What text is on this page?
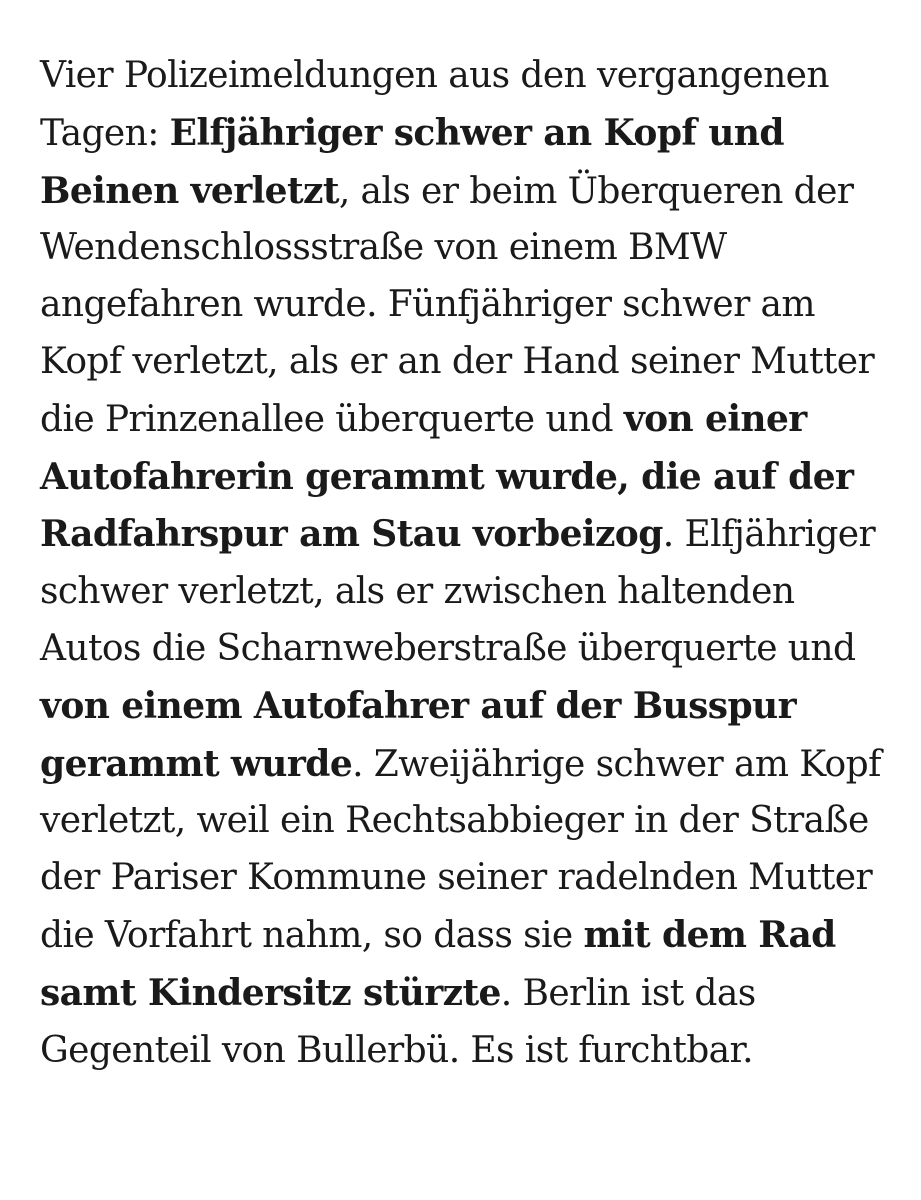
Vier Polizeimeldungen aus den vergangenen Tagen: Elfjähriger schwer an Kopf und Beinen verletzt, als er beim Überqueren der Wendenschlossstraße von einem BMW angefahren wurde. Fünfjähriger schwer am Kopf verletzt, als er an der Hand seiner Mutter die Prinzenallee überquerte und von einer Autofahrerin gerammt wurde, die auf der Radfahrspur am Stau vorbeizog. Elfjähriger schwer verletzt, als er zwischen haltenden Autos die Scharnweberstraße überquerte und von einem Autofahrer auf der Busspur gerammt wurde. Zweijährige schwer am Kopf verletzt, weil ein Rechtsabbieger in der Straße der Pariser Kommune seiner radelnden Mutter die Vorfahrt nahm, so dass sie mit dem Rad samt Kindersitz stürzte. Berlin ist das Gegenteil von Bullerbü. Es ist furchtbar.
